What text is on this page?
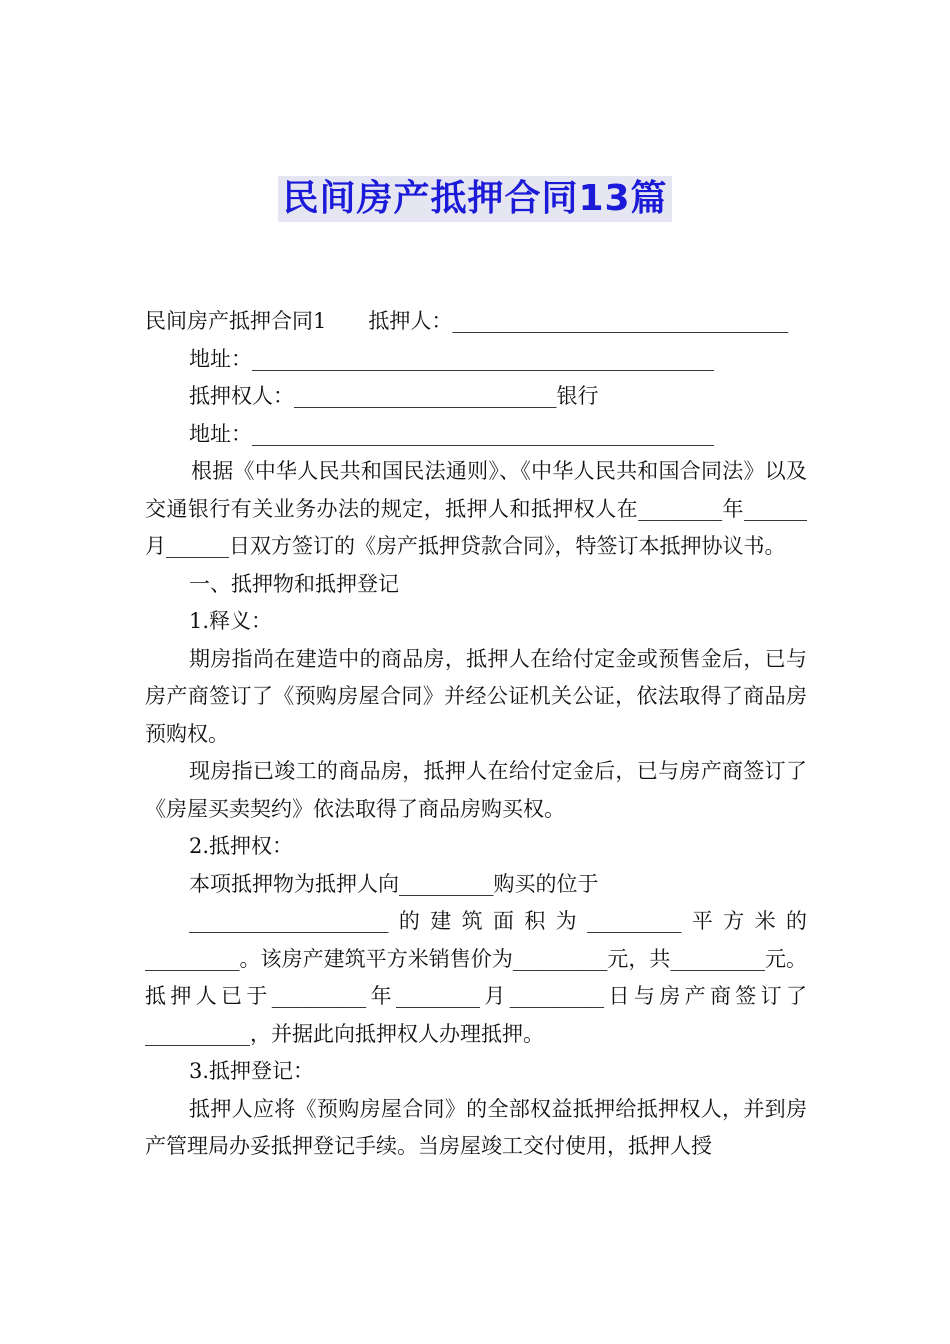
民间房产抵押合同13篇

民间房产抵押合同1　　抵押人：________________________________

地址：____________________________________________

抵押权人：_________________________银行

地址：____________________________________________

根据《中华人民共和国民法通则》、《中华人民共和国合同法》以及交通银行有关业务办法的规定，抵押人和抵押权人在________年______月______日双方签订的《房产抵押贷款合同》，特签订本抵押协议书。

一、抵押物和抵押登记

1.释义：

期房指尚在建造中的商品房，抵押人在给付定金或预售金后，已与房产商签订了《预购房屋合同》并经公证机关公证，依法取得了商品房预购权。

现房指已竣工的商品房，抵押人在给付定金后，已与房产商签订了《房屋买卖契约》依法取得了商品房购买权。

2.抵押权：

本项抵押物为抵押人向_________购买的位于

___________________的建筑面积为_________平方米的_________。该房产建筑平方米销售价为_________元，共_________元。抵押人已于_________年________月_________日与房产商签订了__________，并据此向抵押权人办理抵押。

3.抵押登记：

抵押人应将《预购房屋合同》的全部权益抵押给抵押权人，并到房产管理局办妥抵押登记手续。当房屋竣工交付使用，抵押人授
